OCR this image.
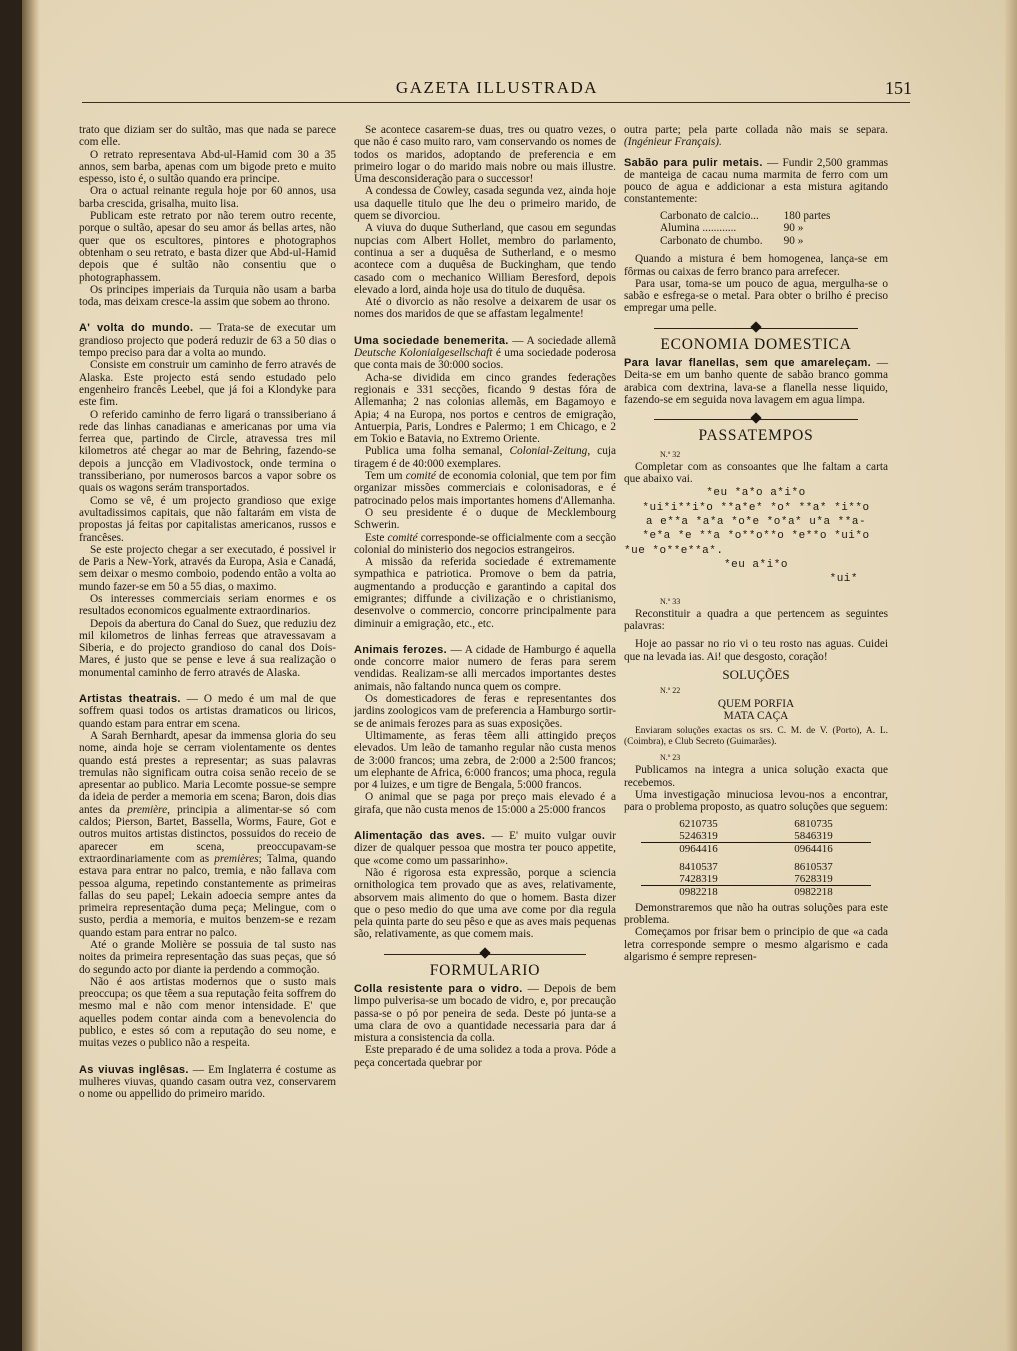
GAZETA ILLUSTRADA	151

trato que diziam ser do sultão, mas que nada se parece com elle.

O retrato representava Abd-ul-Hamid com 30 a 35 annos, sem barba, apenas com um bigode preto e muito espesso, isto é, o sultão quando era principe.

Ora o actual reinante regula hoje por 60 annos, usa barba crescida, grisalha, muito lisa.

Publicam este retrato por não terem outro recente, porque o sultão, apesar do seu amor ás bellas artes, não quer que os escultores, pintores e photographos obtenham o seu retrato, e basta dizer que Abd-ul-Hamid depois que é sultão não consentiu que o photographassem.

Os principes imperiais da Turquia não usam a barba toda, mas deixam cresce-la assim que sobem ao throno.

A' volta do mundo. — Trata-se de executar um grandioso projecto que poderá reduzir de 63 a 50 dias o tempo preciso para dar a volta ao mundo.

Consiste em construir um caminho de ferro através de Alaska. Este projecto está sendo estudado pelo engenheiro francês Leebel, que já foi a Klondyke para este fim.

O referido caminho de ferro ligará o transsiberiano á rede das linhas canadianas e americanas por uma via ferrea que, partindo de Circle, atravessa tres mil kilometros até chegar ao mar de Behring, fazendo-se depois a juncção em Vladivostock, onde termina o transsiberiano, por numerosos barcos a vapor sobre os quais os wagons serám transportados.

Como se vê, é um projecto grandioso que exige avultadissimos capitais, que não faltarám em vista de propostas já feitas por capitalistas americanos, russos e francêses.

Se este projecto chegar a ser executado, é possivel ir de Paris a New-York, através da Europa, Asia e Canadá, sem deixar o mesmo comboio, podendo então a volta ao mundo fazer-se em 50 a 55 dias, o maximo.

Os interesses commerciais seriam enormes e os resultados economicos egualmente extraordinarios.

Depois da abertura do Canal do Suez, que reduziu dez mil kilometros de linhas ferreas que atravessavam a Siberia, e do projecto grandioso do canal dos Dois-Mares, é justo que se pense e leve á sua realização o monumental caminho de ferro através de Alaska.

Artistas theatrais. — O medo é um mal de que soffrem quasi todos os artistas dramaticos ou liricos, quando estam para entrar em scena.

A Sarah Bernhardt, apesar da immensa gloria do seu nome, ainda hoje se cerram violentamente os dentes quando está prestes a representar; as suas palavras tremulas não significam outra coisa senão receio de se apresentar ao publico. Maria Lecomte possue-se sempre da ideia de perder a memoria em scena; Baron, dois dias antes da première, principia a alimentar-se só com caldos; Pierson, Bartet, Bassella, Worms, Faure, Got e outros muitos artistas distinctos, possuidos do receio de aparecer em scena, preoccupavam-se extraordinariamente com as premières; Talma, quando estava para entrar no palco, tremia, e não fallava com pessoa alguma, repetindo constantemente as primeiras fallas do seu papel; Lekain adoecia sempre antes da primeira representação duma peça; Melingue, com o susto, perdia a memoria, e muitos benzem-se e rezam quando estam para entrar no palco.

Até o grande Molière se possuia de tal susto nas noites da primeira representação das suas peças, que só do segundo acto por diante ia perdendo a commoção.

Não é aos artistas modernos que o susto mais preoccupa; os que têem a sua reputação feita soffrem do mesmo mal e não com menor intensidade. E' que aquelles podem contar ainda com a benevolencia do publico, e estes só com a reputação do seu nome, e muitas vezes o publico não a respeita.

As viuvas inglêsas. — Em Inglaterra é costume as mulheres viuvas, quando casam outra vez, conservarem o nome ou appellido do primeiro marido.

Se acontece casarem-se duas, tres ou quatro vezes, o que não é caso muito raro, vam conservando os nomes de todos os maridos, adoptando de preferencia e em primeiro logar o do marido mais nobre ou mais illustre. Uma desconsideração para o successor!

A condessa de Cowley, casada segunda vez, ainda hoje usa daquelle titulo que lhe deu o primeiro marido, de quem se divorciou.

A viuva do duque Sutherland, que casou em segundas nupcias com Albert Hollet, membro do parlamento, continua a ser a duquêsa de Sutherland, e o mesmo acontece com a duquêsa de Buckingham, que tendo casado com o mechanico William Beresford, depois elevado a lord, ainda hoje usa do titulo de duquêsa.

Até o divorcio as não resolve a deixarem de usar os nomes dos maridos de que se affastam legalmente!

Uma sociedade benemerita. — A sociedade allemã Deutsche Kolonialgesellschaft é uma sociedade poderosa que conta mais de 30:000 socios.

Acha-se dividida em cinco grandes federações regionais e 331 secções, ficando 9 destas fóra de Allemanha; 2 nas colonias allemãs, em Bagamoyo e Apia; 4 na Europa, nos portos e centros de emigração, Antuerpia, Paris, Londres e Palermo; 1 em Chicago, e 2 em Tokio e Batavia, no Extremo Oriente.

Publica uma folha semanal, Colonial-Zeitung, cuja tiragem é de 40:000 exemplares.

Tem um comité de economia colonial, que tem por fim organizar missões commerciais e colonisadoras, e é patrocinado pelos mais importantes homens d'Allemanha.

O seu presidente é o duque de Mecklembourg Schwerin.

Este comité corresponde-se officialmente com a secção colonial do ministerio dos negocios estrangeiros.

A missão da referida sociedade é extremamente sympathica e patriotica. Promove o bem da patria, augmentando a producção e garantindo a capital dos emigrantes; diffunde a civilização e o christianismo, desenvolve o commercio, concorre principalmente para diminuir a emigração, etc., etc.

Animais ferozes. — A cidade de Hamburgo é aquella onde concorre maior numero de feras para serem vendidas. Realizam-se alli mercados importantes destes animais, não faltando nunca quem os compre.

Os domesticadores de feras e representantes dos jardins zoologicos vam de preferencia a Hamburgo sortir-se de animais ferozes para as suas exposições.

Ultimamente, as feras têem alli attingido preços elevados. Um leão de tamanho regular não custa menos de 3:000 francos; uma zebra, de 2:000 a 2:500 francos; um elephante de Africa, 6:000 francos; uma phoca, regula por 4 luizes, e um tigre de Bengala, 5:000 francos.

O animal que se paga por preço mais elevado é a girafa, que não custa menos de 15:000 a 25:000 francos

Alimentação das aves. — E' muito vulgar ouvir dizer de qualquer pessoa que mostra ter pouco appetite, que «come como um passarinho».

Não é rigorosa esta expressão, porque a sciencia ornithologica tem provado que as aves, relativamente, absorvem mais alimento do que o homem. Basta dizer que o peso medio do que uma ave come por dia regula pela quinta parte do seu pêso e que as aves mais pequenas são, relativamente, as que comem mais.

FORMULARIO

Colla resistente para o vidro. — Depois de bem limpo pulverisa-se um bocado de vidro, e, por precaução passa-se o pó por peneira de seda. Deste pó junta-se a uma clara de ovo a quantidade necessaria para dar á mistura a consistencia da colla.

Este preparado é de uma solidez a toda a prova. Póde a peça concertada quebrar por

outra parte; pela parte collada não mais se separa. (Ingénieur Français).

Sabão para pulir metais. — Fundir 2,500 grammas de manteiga de cacau numa marmita de ferro com um pouco de agua e addicionar a esta mistura agitando constantemente:

Carbonato de calcio...	180 partes
Alumina ............	90 »
Carbonato de chumbo.	90 »

Quando a mistura é bem homogenea, lança-se em fôrmas ou caixas de ferro branco para arrefecer.

Para usar, toma-se um pouco de agua, mergulha-se o sabão e esfrega-se o metal. Para obter o brilho é preciso empregar uma pelle.

ECONOMIA DOMESTICA

Para lavar flanellas, sem que amareleçam. — Deita-se em um banho quente de sabão branco gomma arabica com dextrina, lava-se a flanella nesse liquido, fazendo-se em seguida nova lavagem em agua limpa.

PASSATEMPOS
N.º 32

Completar com as consoantes que lhe faltam a carta que abaixo vai.

*eu *a*o a*i*o
*ui*i**i*o **a*e* *o* **a* *i**o
a e**a *a*a *o*e *o*a* u*a **a-
*e*a *e **a *o**o**o *e**o *ui*o
*ue *o**e**a*.
*eu a*i*o
*ui*
N.º 33

Reconstituir a quadra a que pertencem as seguintes palavras:

Hoje ao passar no rio vi o teu rosto nas aguas. Cuidei que na levada ias. Ai! que desgosto, coração!

SOLUÇÕES
N.º 22
QUEM PORFIA
MATA CAÇA

Enviaram soluções exactas os srs. C. M. de V. (Porto), A. L. (Coimbra), e Club Secreto (Guimarães).

N.º 23

Publicamos na integra a unica solução exacta que recebemos.

Uma investigação minuciosa levou-nos a encontrar, para o problema proposto, as quatro soluções que seguem:

6210735	6810735
5246319	5846319
0964416	0964416

8410537	8610537
7428319	7628319
0982218	0982218

Demonstraremos que não ha outras soluções para este problema.

Começamos por frisar bem o principio de que «a cada letra corresponde sempre o mesmo algarismo e cada algarismo é sempre represen-
